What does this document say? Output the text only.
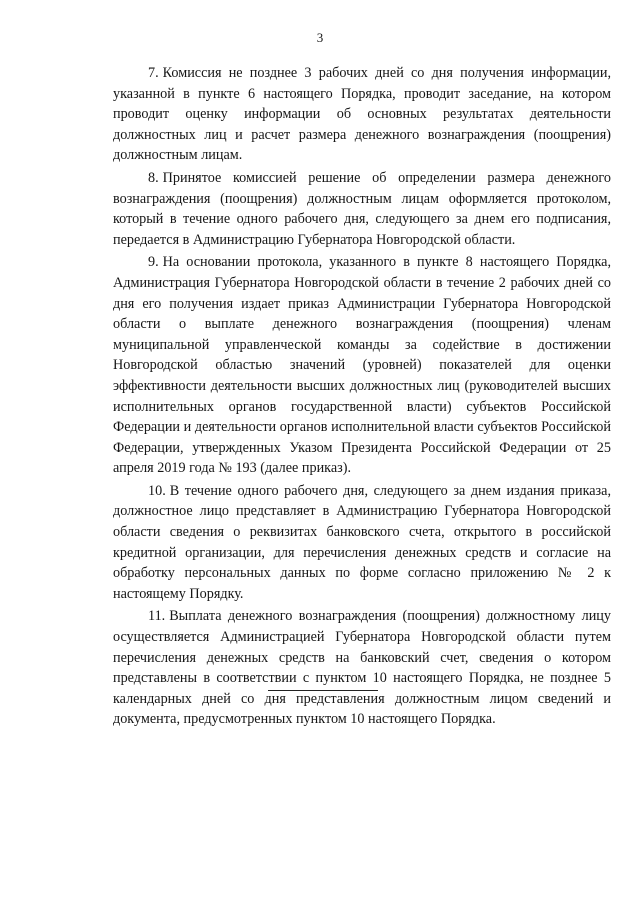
3

7. Комиссия не позднее 3 рабочих дней со дня получения информации, указанной в пункте 6 настоящего Порядка, проводит заседание, на котором проводит оценку информации об основных результатах деятельности должностных лиц и расчет размера денежного вознаграждения (поощрения) должностным лицам.

8. Принятое комиссией решение об определении размера денежного вознаграждения (поощрения) должностным лицам оформляется протоколом, который в течение одного рабочего дня, следующего за днем его подписания, передается в Администрацию Губернатора Новгородской области.

9. На основании протокола, указанного в пункте 8 настоящего Порядка, Администрация Губернатора Новгородской области в течение 2 рабочих дней со дня его получения издает приказ Администрации Губернатора Новгородской области о выплате денежного вознаграждения (поощрения) членам муниципальной управленческой команды за содействие в достижении Новгородской областью значений (уровней) показателей для оценки эффективности деятельности высших должностных лиц (руководителей высших исполнительных органов государственной власти) субъектов Российской Федерации и деятельности органов исполнительной власти субъектов Российской Федерации, утвержденных Указом Президента Российской Федерации от 25 апреля 2019 года № 193 (далее приказ).

10. В течение одного рабочего дня, следующего за днем издания приказа, должностное лицо представляет в Администрацию Губернатора Новгородской области сведения о реквизитах банковского счета, открытого в российской кредитной организации, для перечисления денежных средств и согласие на обработку персональных данных по форме согласно приложению № 2 к настоящему Порядку.

11. Выплата денежного вознаграждения (поощрения) должностному лицу осуществляется Администрацией Губернатора Новгородской области путем перечисления денежных средств на банковский счет, сведения о котором представлены в соответствии с пунктом 10 настоящего Порядка, не позднее 5 календарных дней со дня представления должностным лицом сведений и документа, предусмотренных пунктом 10 настоящего Порядка.
